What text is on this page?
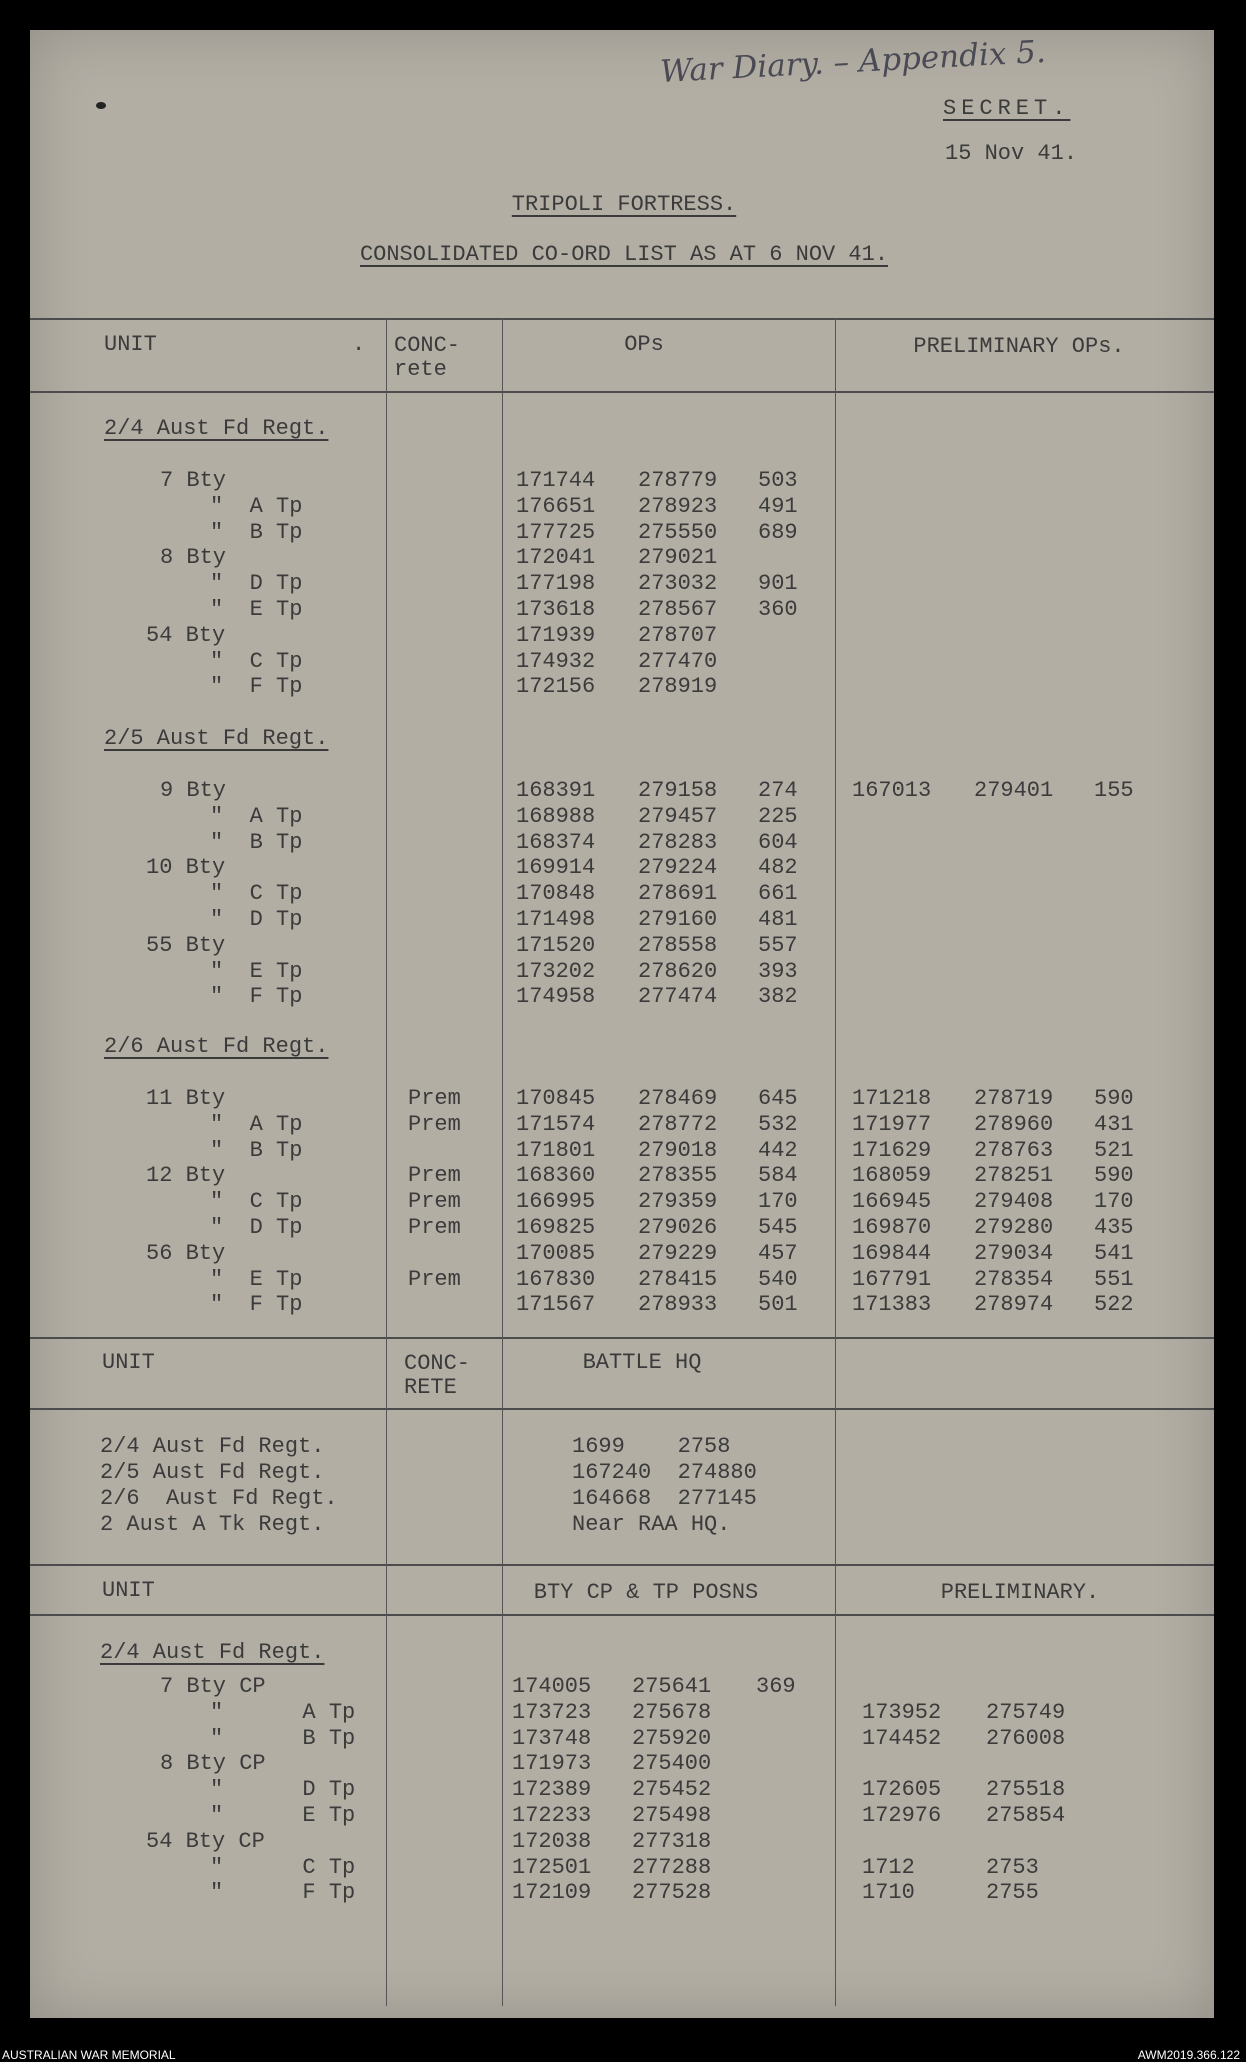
War Diary. – Appendix 5.
SECRET.
15 Nov 41.
TRIPOLI FORTRESS.
CONSOLIDATED CO-ORD LIST AS AT 6 NOV 41.
UNIT	. CONC-
rete
OPs	PRELIMINARY OPs.
2/4 Aust Fd Regt.
7 Bty	171744 278779 503
"  A Tp	176651 278923 491
"  B Tp	177725 275550 689
8 Bty	172041 279021
"  D Tp	177198 273032 901
"  E Tp	173618 278567 360
54 Bty	171939 278707
"  C Tp	174932 277470
"  F Tp	172156 278919
2/5 Aust Fd Regt.
9 Bty	168391 279158 274 167013 279401 155
"  A Tp	168988 279457 225
"  B Tp	168374 278283 604
10 Bty	169914 279224 482
"  C Tp	170848 278691 661
"  D Tp	171498 279160 481
55 Bty	171520 278558 557
"  E Tp	173202 278620 393
"  F Tp	174958 277474 382
2/6 Aust Fd Regt.
11 Bty	Prem	170845 278469 645 171218 278719 590
"  A Tp	Prem	171574 278772 532 171977 278960 431
"  B Tp	171801 279018 442 171629 278763 521
12 Bty	Prem	168360 278355 584 168059 278251 590
"  C Tp	Prem	166995 279359 170 166945 279408 170
"  D Tp	Prem	169825 279026 545 169870 279280 435
56 Bty	170085 279229 457 169844 279034 541
"  E Tp	Prem	167830 278415 540 167791 278354 551
"  F Tp	171567 278933 501 171383 278974 522
UNIT	CONC-
RETE
BATTLE HQ
2/4 Aust Fd Regt.	1699    2758
2/5 Aust Fd Regt.	167240  274880
2/6  Aust Fd Regt.	164668  277145
2 Aust A Tk Regt.	Near RAA HQ.
UNIT	BTY CP & TP POSNS	PRELIMINARY.
2/4 Aust Fd Regt.
7 Bty CP	174005 275641 369
"      A Tp	173723 275678	173952 275749
"      B Tp	173748 275920	174452 276008
8 Bty CP	171973 275400
"      D Tp	172389 275452	172605 275518
"      E Tp	172233 275498	172976 275854
54 Bty CP	172038 277318
"      C Tp	172501 277288	1712	2753
"      F Tp	172109 277528	1710	2755
AUSTRALIAN WAR MEMORIAL	AWM2019.366.122
